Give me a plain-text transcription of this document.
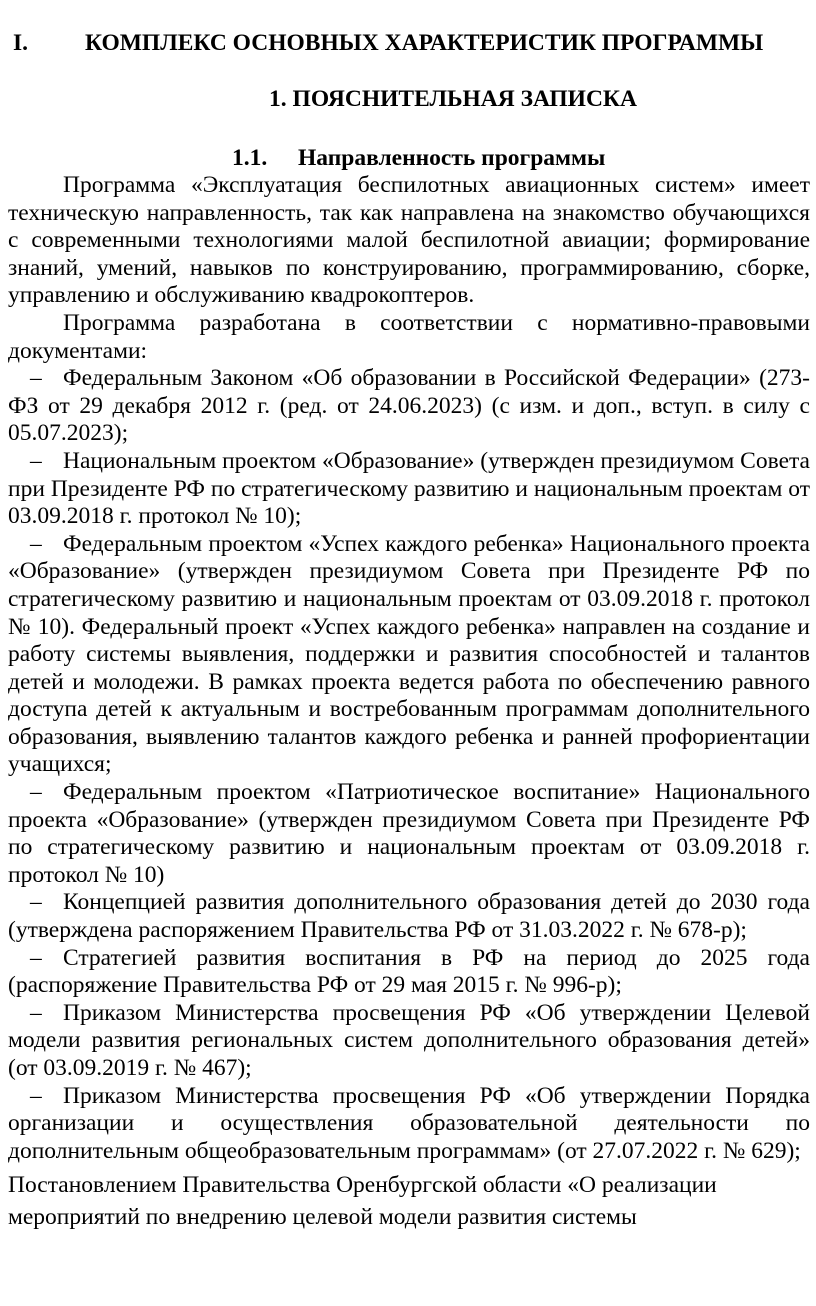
I. КОМПЛЕКС ОСНОВНЫХ ХАРАКТЕРИСТИК ПРОГРАММЫ
1. ПОЯСНИТЕЛЬНАЯ ЗАПИСКА
1.1. Направленность программы

Программа «Эксплуатация беспилотных авиационных систем» имеет техническую направленность, так как направлена на знакомство обучающихся с современными технологиями малой беспилотной авиации; формирование знаний, умений, навыков по конструированию, программированию, сборке, управлению и обслуживанию квадрокоптеров.

Программа разработана в соответствии с нормативно-правовыми документами:

– Федеральным Законом «Об образовании в Российской Федерации» (273-ФЗ от 29 декабря 2012 г. (ред. от 24.06.2023) (с изм. и доп., вступ. в силу с 05.07.2023);

– Национальным проектом «Образование» (утвержден президиумом Совета при Президенте РФ по стратегическому развитию и национальным проектам от 03.09.2018 г. протокол № 10);

– Федеральным проектом «Успех каждого ребенка» Национального проекта «Образование» (утвержден президиумом Совета при Президенте РФ по стратегическому развитию и национальным проектам от 03.09.2018 г. протокол № 10). Федеральный проект «Успех каждого ребенка» направлен на создание и работу системы выявления, поддержки и развития способностей и талантов детей и молодежи. В рамках проекта ведется работа по обеспечению равного доступа детей к актуальным и востребованным программам дополнительного образования, выявлению талантов каждого ребенка и ранней профориентации учащихся;

– Федеральным проектом «Патриотическое воспитание» Национального проекта «Образование» (утвержден президиумом Совета при Президенте РФ по стратегическому развитию и национальным проектам от 03.09.2018 г. протокол № 10)

– Концепцией развития дополнительного образования детей до 2030 года (утверждена распоряжением Правительства РФ от 31.03.2022 г. № 678-р);

– Стратегией развития воспитания в РФ на период до 2025 года (распоряжение Правительства РФ от 29 мая 2015 г. № 996-р);

– Приказом Министерства просвещения РФ «Об утверждении Целевой модели развития региональных систем дополнительного образования детей» (от 03.09.2019 г. № 467);

– Приказом Министерства просвещения РФ «Об утверждении Порядка организации и осуществления образовательной деятельности по дополнительным общеобразовательным программам» (от 27.07.2022 г. № 629);

Постановлением Правительства Оренбургской области «О реализации мероприятий по внедрению целевой модели развития системы
